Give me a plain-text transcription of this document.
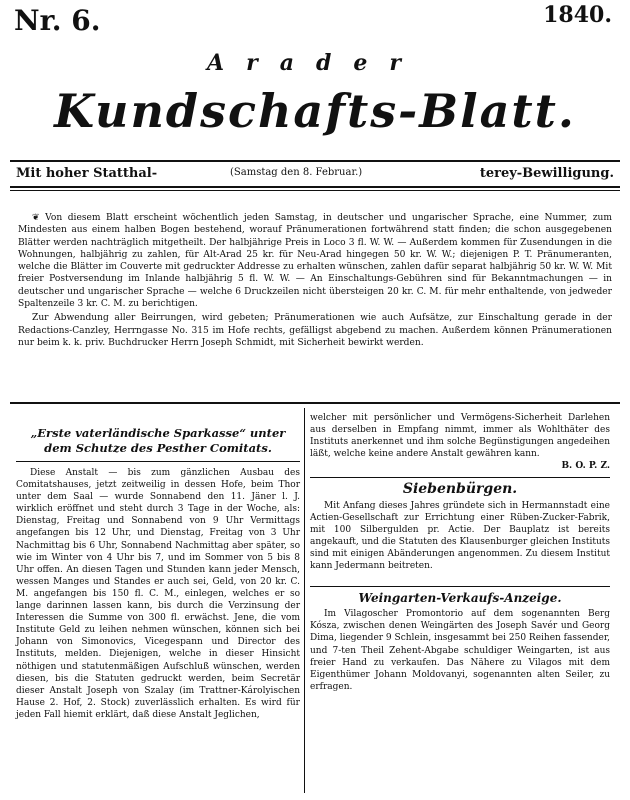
Nr. 6.	1840.
Arader
Kundschafts-Blatt.
Mit hoher Statthal-	(Samstag den 8. Februar.)	terey-Bewilligung.

❦ Von diesem Blatt erscheint wöchentlich jeden Samstag, in deutscher und ungarischer Sprache, eine Nummer, zum Mindesten aus einem halben Bogen bestehend, worauf Pränumerationen fortwährend statt finden; die schon ausgegebenen Blätter werden nachträglich mitgetheilt. Der halbjährige Preis in Loco 3 fl. W. W. — Außerdem kommen für Zusendungen in die Wohnungen, halbjährig zu zahlen, für Alt-Arad 25 kr. für Neu-Arad hingegen 50 kr. W. W.; diejenigen P. T. Pränumeranten, welche die Blätter im Couverte mit gedruckter Addresse zu erhalten wünschen, zahlen dafür separat halbjährig 50 kr. W. W. Mit freier Postversendung im Inlande halbjährig 5 fl. W. W. — An Einschaltungs-Gebühren sind für Bekanntmachungen — in deutscher und ungarischer Sprache — welche 6 Druckzeilen nicht übersteigen 20 kr. C. M. für mehr enthaltende, von jedweder Spaltenzeile 3 kr. C. M. zu berichtigen.

Zur Abwendung aller Beirrungen, wird gebeten; Pränumerationen wie auch Aufsätze, zur Einschaltung gerade in der Redactions-Canzley, Herrngasse No. 315 im Hofe rechts, gefälligst abgebend zu machen. Außerdem können Pränumerationen nur beim k. k. priv. Buchdrucker Herrn Joseph Schmidt, mit Sicherheit bewirkt werden.

„Erste vaterländische Sparkasse“ unter dem Schutze des Pesther Comitats.

Diese Anstalt — bis zum gänzlichen Ausbau des Comitatshauses, jetzt zeitweilig in dessen Hofe, beim Thor unter dem Saal — wurde Sonnabend den 11. Jäner l. J. wirklich eröffnet und steht durch 3 Tage in der Woche, als: Dienstag, Freitag und Sonnabend von 9 Uhr Vermittags angefangen bis 12 Uhr, und Dienstag, Freitag von 3 Uhr Nachmittag bis 6 Uhr, Sonnabend Nachmittag aber später, so wie im Winter von 4 Uhr bis 7, und im Sommer von 5 bis 8 Uhr offen. An diesen Tagen und Stunden kann jeder Mensch, wessen Manges und Standes er auch sei, Geld, von 20 kr. C. M. angefangen bis 150 fl. C. M., einlegen, welches er so lange darinnen lassen kann, bis durch die Verzinsung der Interessen die Summe von 300 fl. erwächst. Jene, die vom Institute Geld zu leihen nehmen wünschen, können sich bei Johann von Simonovics, Vicegespann und Director des Instituts, melden. Diejenigen, welche in dieser Hinsicht nöthigen und statutenmäßigen Aufschluß wünschen, werden diesen, bis die Statuten gedruckt werden, beim Secretär dieser Anstalt Joseph von Szalay (im Trattner-Károlyischen Hause 2. Hof, 2. Stock) zuverlässlich erhalten. Es wird für jeden Fall hiemit erklärt, daß diese Anstalt Jeglichen,

welcher mit persönlicher und Vermögens-Sicherheit Darlehen aus derselben in Empfang nimmt, immer als Wohlthäter des Instituts anerkennet und ihm solche Begünstigungen angedeihen läßt, welche keine andere Anstalt gewähren kann.

B. O. P. Z.
Siebenbürgen.

Mit Anfang dieses Jahres gründete sich in Hermannstadt eine Actien-Gesellschaft zur Errichtung einer Rüben-Zucker-Fabrik, mit 100 Silbergulden pr. Actie. Der Bauplatz ist bereits angekauft, und die Statuten des Klausenburger gleichen Instituts sind mit einigen Abänderungen angenommen. Zu diesem Institut kann Jedermann beitreten.

Weingarten-Verkaufs-Anzeige.

Im Vilagoscher Promontorio auf dem sogenannten Berg Kósza, zwischen denen Weingärten des Joseph Savér und Georg Dima, liegender 9 Schlein, insgesammt bei 250 Reihen fassender, und 7-ten Theil Zehent-Abgabe schuldiger Weingarten, ist aus freier Hand zu verkaufen. Das Nähere zu Vilagos mit dem Eigenthümer Johann Moldovanyi, sogenannten alten Seiler, zu erfragen.
